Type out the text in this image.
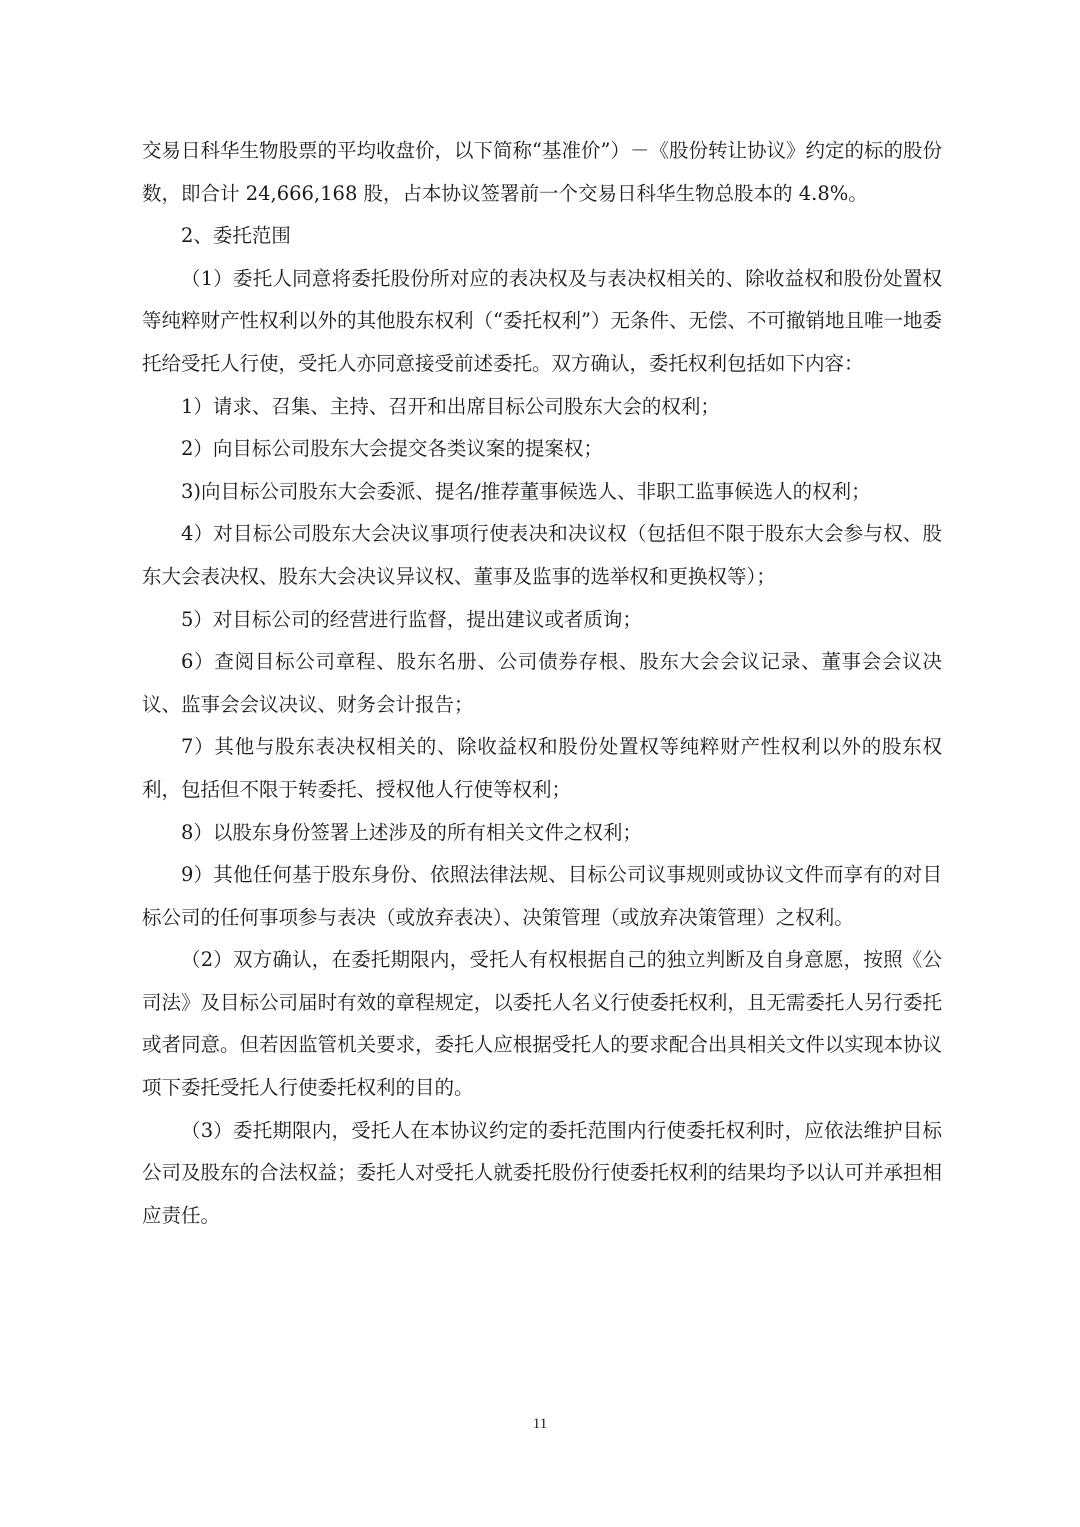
交易日科华生物股票的平均收盘价，以下简称“基准价”）－《股份转让协议》约定的标的股份数，即合计 24,666,168 股，占本协议签署前一个交易日科华生物总股本的 4.8%。

2、委托范围

（1）委托人同意将委托股份所对应的表决权及与表决权相关的、除收益权和股份处置权等纯粹财产性权利以外的其他股东权利（“委托权利”）无条件、无偿、不可撤销地且唯一地委托给受托人行使，受托人亦同意接受前述委托。双方确认，委托权利包括如下内容：

1）请求、召集、主持、召开和出席目标公司股东大会的权利；

2）向目标公司股东大会提交各类议案的提案权；

3)向目标公司股东大会委派、提名/推荐董事候选人、非职工监事候选人的权利；

4）对目标公司股东大会决议事项行使表决和决议权（包括但不限于股东大会参与权、股东大会表决权、股东大会决议异议权、董事及监事的选举权和更换权等）；

5）对目标公司的经营进行监督，提出建议或者质询；

6）查阅目标公司章程、股东名册、公司债券存根、股东大会会议记录、董事会会议决议、监事会会议决议、财务会计报告；

7）其他与股东表决权相关的、除收益权和股份处置权等纯粹财产性权利以外的股东权利，包括但不限于转委托、授权他人行使等权利；

8）以股东身份签署上述涉及的所有相关文件之权利；

9）其他任何基于股东身份、依照法律法规、目标公司议事规则或协议文件而享有的对目标公司的任何事项参与表决（或放弃表决）、决策管理（或放弃决策管理）之权利。

（2）双方确认，在委托期限内，受托人有权根据自己的独立判断及自身意愿，按照《公司法》及目标公司届时有效的章程规定，以委托人名义行使委托权利，且无需委托人另行委托或者同意。但若因监管机关要求，委托人应根据受托人的要求配合出具相关文件以实现本协议项下委托受托人行使委托权利的目的。

（3）委托期限内，受托人在本协议约定的委托范围内行使委托权利时，应依法维护目标公司及股东的合法权益；委托人对受托人就委托股份行使委托权利的结果均予以认可并承担相应责任。

11
